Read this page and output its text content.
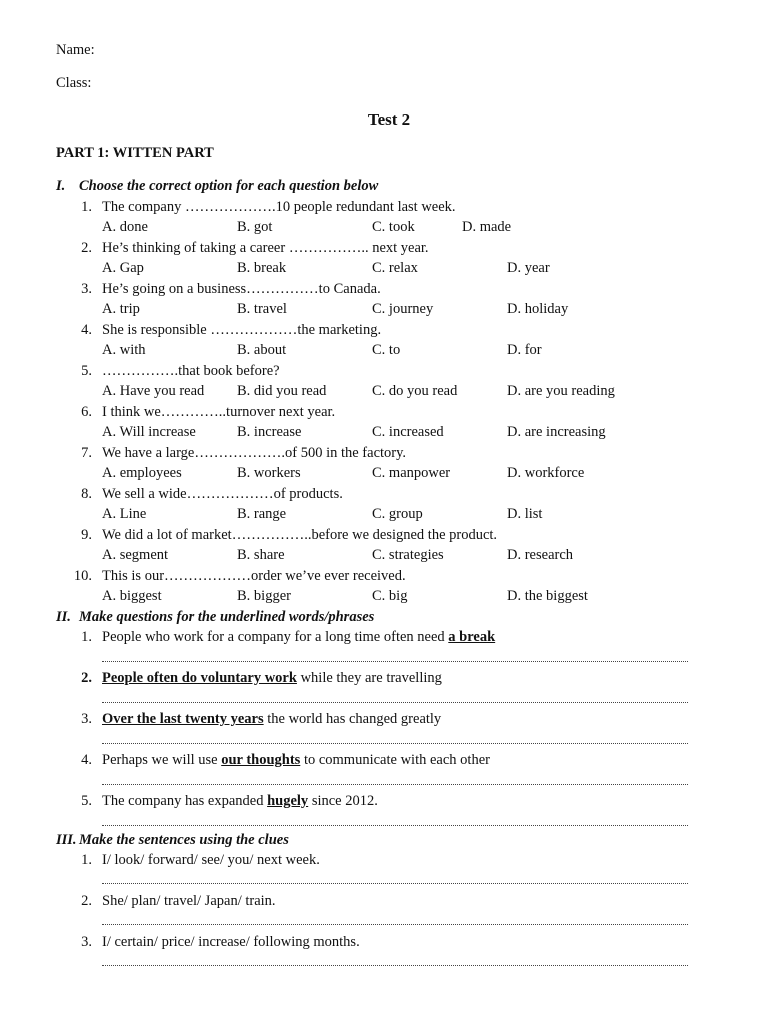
Name:
Class:
Test 2
PART 1: WITTEN PART
I. Choose the correct option for each question below
1. The company ……………….10 people redundant last week.
A. done	B. got	C. took	D. made
2. He’s thinking of taking a career …………….. next year.
A. Gap	B. break	C. relax	D. year
3. He’s going on a business……………to Canada.
A. trip	B. travel	C. journey	D. holiday
4. She is responsible ………………the marketing.
A. with	B. about	C. to	D. for
5. …………….that book before?
A. Have you read B. did you read	C. do you read	D. are you reading
6. I think we…………..turnover next year.
A. Will increase	B. increase	C. increased	D. are increasing
7. We have a large……………….of 500 in the factory.
A. employees	B. workers	C. manpower	D. workforce
8. We sell a wide………………of products.
A. Line	B. range	C. group	D. list
9. We did a lot of market……………..before we designed the product.
A. segment	B. share	C. strategies	D. research
10. This is our………………order we’ve ever received.
A. biggest	B. bigger	C. big	D. the biggest
II. Make questions for the underlined words/phrases
1. People who work for a company for a long time often need a break
2. People often do voluntary work while they are travelling
3. Over the last twenty years the world has changed greatly
4. Perhaps we will use our thoughts to communicate with each other
5. The company has expanded hugely since 2012.
III. Make the sentences using the clues
1. I/ look/ forward/ see/ you/ next week.
2. She/ plan/ travel/ Japan/ train.
3. I/ certain/ price/ increase/ following months.
